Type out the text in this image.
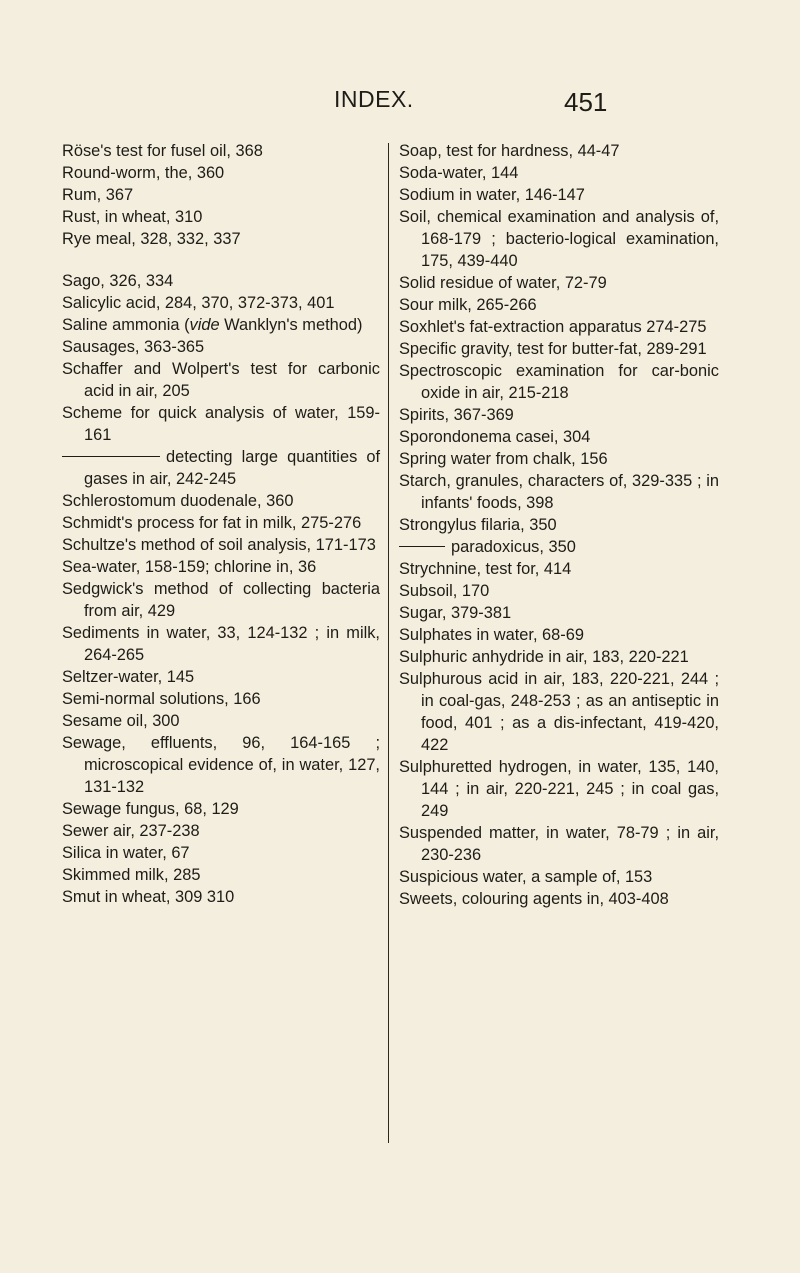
INDEX.	451
Röse's test for fusel oil, 368
Round-worm, the, 360
Rum, 367
Rust, in wheat, 310
Rye meal, 328, 332, 337
Sago, 326, 334
Salicylic acid, 284, 370, 372-373, 401
Saline ammonia (vide Wanklyn's method)
Sausages, 363-365
Schaffer and Wolpert's test for carbonic acid in air, 205
Scheme for quick analysis of water, 159-161
detecting large quantities of gases in air, 242-245
Schlerostomum duodenale, 360
Schmidt's process for fat in milk, 275-276
Schultze's method of soil analysis, 171-173
Sea-water, 158-159; chlorine in, 36
Sedgwick's method of collecting bacteria from air, 429
Sediments in water, 33, 124-132 ; in milk, 264-265
Seltzer-water, 145
Semi-normal solutions, 166
Sesame oil, 300
Sewage, effluents, 96, 164-165 ; microscopical evidence of, in water, 127, 131-132
Sewage fungus, 68, 129
Sewer air, 237-238
Silica in water, 67
Skimmed milk, 285
Smut in wheat, 309 310
Soap, test for hardness, 44-47
Soda-water, 144
Sodium in water, 146-147
Soil, chemical examination and analysis of, 168-179 ; bacterio-logical examination, 175, 439-440
Solid residue of water, 72-79
Sour milk, 265-266
Soxhlet's fat-extraction apparatus 274-275
Specific gravity, test for butter-fat, 289-291
Spectroscopic examination for car-bonic oxide in air, 215-218
Spirits, 367-369
Sporondonema casei, 304
Spring water from chalk, 156
Starch, granules, characters of, 329-335 ; in infants' foods, 398
Strongylus filaria, 350
paradoxicus, 350
Strychnine, test for, 414
Subsoil, 170
Sugar, 379-381
Sulphates in water, 68-69
Sulphuric anhydride in air, 183, 220-221
Sulphurous acid in air, 183, 220-221, 244 ; in coal-gas, 248-253 ; as an antiseptic in food, 401 ; as a dis-infectant, 419-420, 422
Sulphuretted hydrogen, in water, 135, 140, 144 ; in air, 220-221, 245 ; in coal gas, 249
Suspended matter, in water, 78-79 ; in air, 230-236
Suspicious water, a sample of, 153
Sweets, colouring agents in, 403-408
